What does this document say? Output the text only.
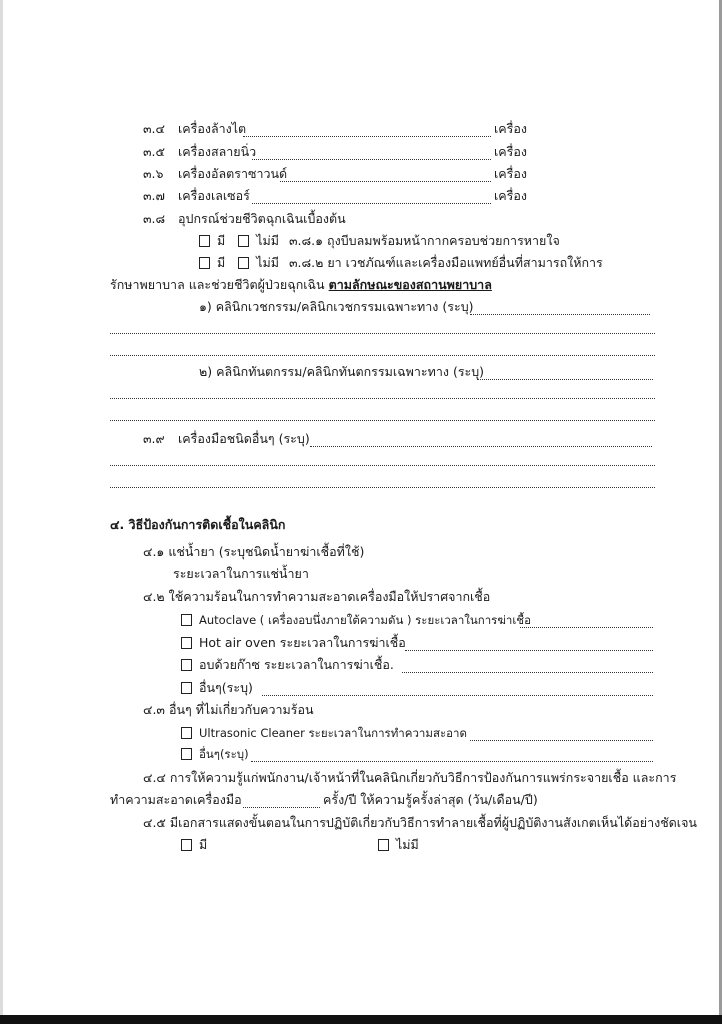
๓.๔ เครื่องล้างไต	เครื่อง
๓.๕ เครื่องสลายนิ่ว	เครื่อง
๓.๖ เครื่องอัลตราซาวนด์	เครื่อง
๓.๗ เครื่องเลเซอร์	เครื่อง
๓.๘ อุปกรณ์ช่วยชีวิตฉุกเฉินเบื้องต้น
มี ไม่มี ๓.๘.๑ ถุงบีบลมพร้อมหน้ากากครอบช่วยการหายใจ
มี ไม่มี ๓.๘.๒ ยา เวชภัณฑ์และเครื่องมือแพทย์อื่นที่สามารถให้การ
รักษาพยาบาล และช่วยชีวิตผู้ป่วยฉุกเฉิน ตามลักษณะของสถานพยาบาล
๑) คลินิกเวชกรรม/คลินิกเวชกรรมเฉพาะทาง (ระบุ)
๒) คลินิกทันตกรรม/คลินิกทันตกรรมเฉพาะทาง (ระบุ)
๓.๙ เครื่องมือชนิดอื่นๆ (ระบุ)
๔. วิธีป้องกันการติดเชื้อในคลินิก
๔.๑ แช่น้ำยา (ระบุชนิดน้ำยาฆ่าเชื้อที่ใช้)
ระยะเวลาในการแช่น้ำยา
๔.๒ ใช้ความร้อนในการทำความสะอาดเครื่องมือให้ปราศจากเชื้อ
Autoclave ( เครื่องอบนึ่งภายใต้ความดัน ) ระยะเวลาในการฆ่าเชื้อ
Hot air oven ระยะเวลาในการฆ่าเชื้อ
อบด้วยก๊าซ ระยะเวลาในการฆ่าเชื้อ.
อื่นๆ(ระบุ)
๔.๓ อื่นๆ ที่ไม่เกี่ยวกับความร้อน
Ultrasonic Cleaner ระยะเวลาในการทำความสะอาด
อื่นๆ(ระบุ)
๔.๔ การให้ความรู้แก่พนักงาน/เจ้าหน้าที่ในคลินิกเกี่ยวกับวิธีการป้องกันการแพร่กระจายเชื้อ และการ
ทำความสะอาดเครื่องมือ	ครั้ง/ปี ให้ความรู้ครั้งล่าสุด (วัน/เดือน/ปี)
๔.๕ มีเอกสารแสดงขั้นตอนในการปฏิบัติเกี่ยวกับวิธีการทำลายเชื้อที่ผู้ปฏิบัติงานสังเกตเห็นได้อย่างชัดเจน
มี	ไม่มี
